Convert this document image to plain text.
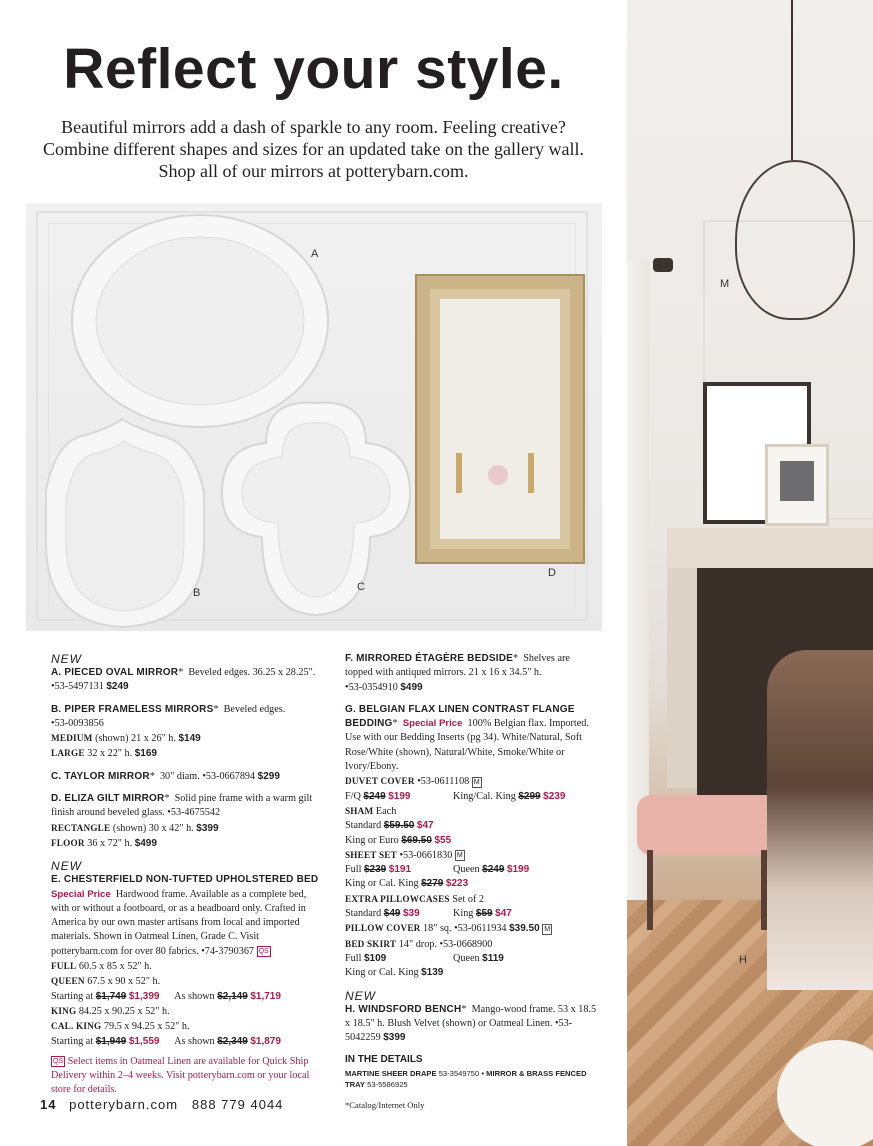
M
H
Reflect your style.
Beautiful mirrors add a dash of sparkle to any room. Feeling creative?
Combine different shapes and sizes for an updated take on the gallery wall.
Shop all of our mirrors at potterybarn.com.
A
B	C
D
NEW
A. PIECED OVAL MIRROR* Beveled edges. 36.25 x 28.25".
•53-5497131 $249
B. PIPER FRAMELESS MIRRORS* Beveled edges.
•53-0093856
MEDIUM (shown) 21 x 26" h. $149
LARGE 32 x 22" h. $169
C. TAYLOR MIRROR* 30" diam. •53-0667894 $299
D. ELIZA GILT MIRROR* Solid pine frame with a warm gilt finish around beveled glass. •53-4675542
RECTANGLE (shown) 30 x 42" h. $399
FLOOR 36 x 72" h. $499
NEW
E. CHESTERFIELD NON-TUFTED UPHOLSTERED BED
Special Price Hardwood frame. Available as a complete bed, with or without a footboard, or as a headboard only. Crafted in America by our own master artisans from local and imported materials. Shown in Oatmeal Linen, Grade C. Visit potterybarn.com for over 80 fabrics. •74-3790367 QS
FULL 60.5 x 85 x 52" h.
QUEEN 67.5 x 90 x 52" h.

Starting at $1,749 $1,399 As shown $2,149 $1,719
KING 84.25 x 90.25 x 52" h.
CAL. KING 79.5 x 94.25 x 52" h.

Starting at $1,949 $1,559 As shown $2,349 $1,879
QS Select items in Oatmeal Linen are available for Quick Ship Delivery within 2–4 weeks. Visit potterybarn.com or your local store for details.
F. MIRRORED ÉTAGÈRE BEDSIDE* Shelves are topped with antiqued mirrors. 21 x 16 x 34.5" h.
•53-0354910 $499
G. BELGIAN FLAX LINEN CONTRAST FLANGE BEDDING* Special Price 100% Belgian flax. Imported. Use with our Bedding Inserts (pg 34). White/Natural, Soft Rose/White (shown), Natural/White, Smoke/White or Ivory/Ebony.
DUVET COVER •53-0611108 M
F/Q $249 $199	King/Cal. King $299 $239
SHAM Each
Standard $59.50 $47
King or Euro $69.50 $55
SHEET SET •53-0661830 M
Full $239 $191	Queen $249 $199
King or Cal. King $279 $223
EXTRA PILLOWCASES Set of 2
Standard $49 $39	King $59 $47
PILLOW COVER 18" sq. •53-0611934 $39.50 M
BED SKIRT 14" drop. •53-0668900
Full $109	Queen $119
King or Cal. King $139
NEW
H. WINDSFORD BENCH* Mango-wood frame. 53 x 18.5 x 18.5" h. Blush Velvet (shown) or Oatmeal Linen. •53-5042259 $399
IN THE DETAILS
MARTINE SHEER DRAPE 53-3549750 • MIRROR & BRASS FENCED TRAY 53-5586925
*Catalog/Internet Only
14 potterybarn.com 888 779 4044
